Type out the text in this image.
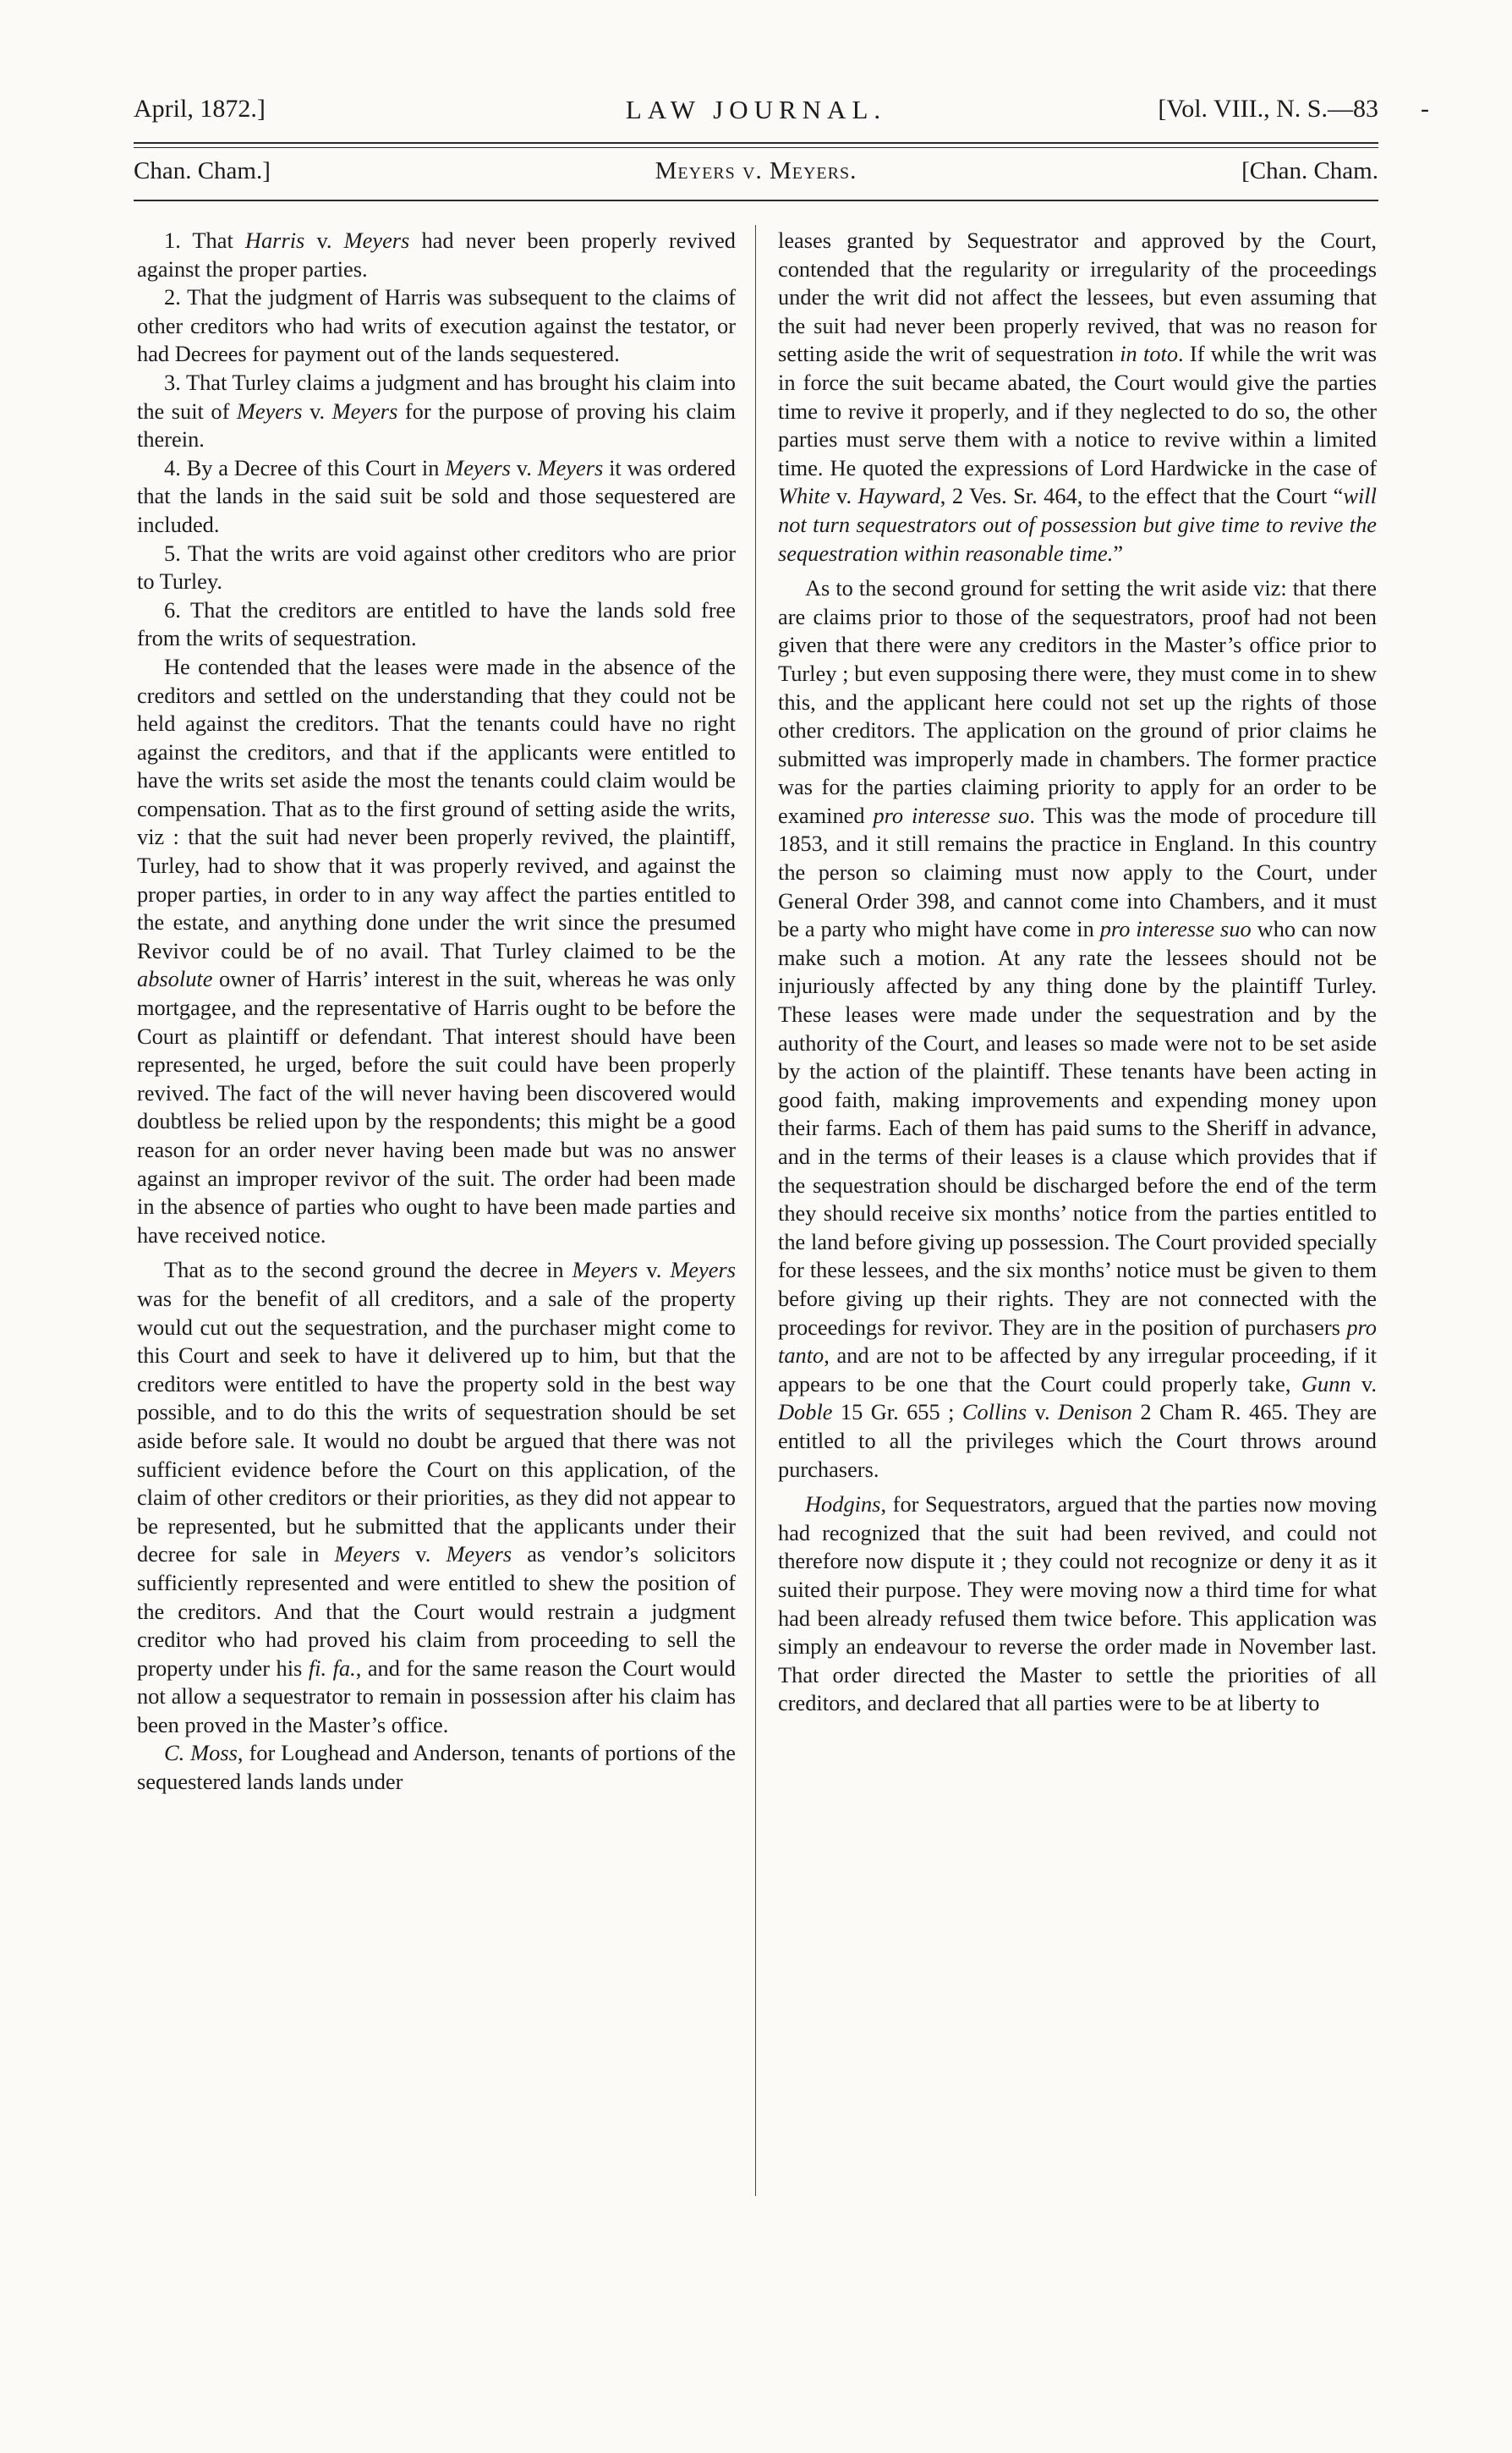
April, 1872.]	LAW JOURNAL.	[Vol. VIII., N. S.—83 -
Chan. Cham.]	Meyers v. Meyers.	[Chan. Cham.

1. That Harris v. Meyers had never been properly revived against the proper parties.

2. That the judgment of Harris was subsequent to the claims of other creditors who had writs of execution against the testator, or had Decrees for payment out of the lands sequestered.

3. That Turley claims a judgment and has brought his claim into the suit of Meyers v. Meyers for the purpose of proving his claim therein.

4. By a Decree of this Court in Meyers v. Meyers it was ordered that the lands in the said suit be sold and those sequestered are included.

5. That the writs are void against other creditors who are prior to Turley.

6. That the creditors are entitled to have the lands sold free from the writs of sequestration.

He contended that the leases were made in the absence of the creditors and settled on the understanding that they could not be held against the creditors. That the tenants could have no right against the creditors, and that if the applicants were entitled to have the writs set aside the most the tenants could claim would be compensation. That as to the first ground of setting aside the writs, viz : that the suit had never been properly revived, the plaintiff, Turley, had to show that it was properly revived, and against the proper parties, in order to in any way affect the parties entitled to the estate, and anything done under the writ since the presumed Revivor could be of no avail. That Turley claimed to be the absolute owner of Harris’ interest in the suit, whereas he was only mortgagee, and the representative of Harris ought to be before the Court as plaintiff or defendant. That interest should have been represented, he urged, before the suit could have been properly revived. The fact of the will never having been discovered would doubtless be relied upon by the respondents; this might be a good reason for an order never having been made but was no answer against an improper revivor of the suit. The order had been made in the absence of parties who ought to have been made parties and have received notice.

That as to the second ground the decree in Meyers v. Meyers was for the benefit of all creditors, and a sale of the property would cut out the sequestration, and the purchaser might come to this Court and seek to have it delivered up to him, but that the creditors were entitled to have the property sold in the best way possible, and to do this the writs of sequestration should be set aside before sale. It would no doubt be argued that there was not sufficient evidence before the Court on this application, of the claim of other creditors or their priorities, as they did not appear to be represented, but he submitted that the applicants under their decree for sale in Meyers v. Meyers as vendor’s solicitors sufficiently represented and were entitled to shew the position of the creditors. And that the Court would restrain a judgment creditor who had proved his claim from proceeding to sell the property under his fi. fa., and for the same reason the Court would not allow a sequestrator to remain in possession after his claim has been proved in the Master’s office.

C. Moss, for Loughead and Anderson, tenants of portions of the sequestered lands lands under

leases granted by Sequestrator and approved by the Court, contended that the regularity or irregularity of the proceedings under the writ did not affect the lessees, but even assuming that the suit had never been properly revived, that was no reason for setting aside the writ of sequestration in toto. If while the writ was in force the suit became abated, the Court would give the parties time to revive it properly, and if they neglected to do so, the other parties must serve them with a notice to revive within a limited time. He quoted the expressions of Lord Hardwicke in the case of White v. Hayward, 2 Ves. Sr. 464, to the effect that the Court “will not turn sequestrators out of possession but give time to revive the sequestration within reasonable time.”

As to the second ground for setting the writ aside viz: that there are claims prior to those of the sequestrators, proof had not been given that there were any creditors in the Master’s office prior to Turley ; but even supposing there were, they must come in to shew this, and the applicant here could not set up the rights of those other creditors. The application on the ground of prior claims he submitted was improperly made in chambers. The former practice was for the parties claiming priority to apply for an order to be examined pro interesse suo. This was the mode of procedure till 1853, and it still remains the practice in England. In this country the person so claiming must now apply to the Court, under General Order 398, and cannot come into Chambers, and it must be a party who might have come in pro interesse suo who can now make such a motion. At any rate the lessees should not be injuriously affected by any thing done by the plaintiff Turley. These leases were made under the sequestration and by the authority of the Court, and leases so made were not to be set aside by the action of the plaintiff. These tenants have been acting in good faith, making improvements and expending money upon their farms. Each of them has paid sums to the Sheriff in advance, and in the terms of their leases is a clause which provides that if the sequestration should be discharged before the end of the term they should receive six months’ notice from the parties entitled to the land before giving up possession. The Court provided specially for these lessees, and the six months’ notice must be given to them before giving up their rights. They are not connected with the proceedings for revivor. They are in the position of purchasers pro tanto, and are not to be affected by any irregular proceeding, if it appears to be one that the Court could properly take, Gunn v. Doble 15 Gr. 655 ; Collins v. Denison 2 Cham R. 465. They are entitled to all the privileges which the Court throws around purchasers.

Hodgins, for Sequestrators, argued that the parties now moving had recognized that the suit had been revived, and could not therefore now dispute it ; they could not recognize or deny it as it suited their purpose. They were moving now a third time for what had been already refused them twice before. This application was simply an endeavour to reverse the order made in November last. That order directed the Master to settle the priorities of all creditors, and declared that all parties were to be at liberty to
